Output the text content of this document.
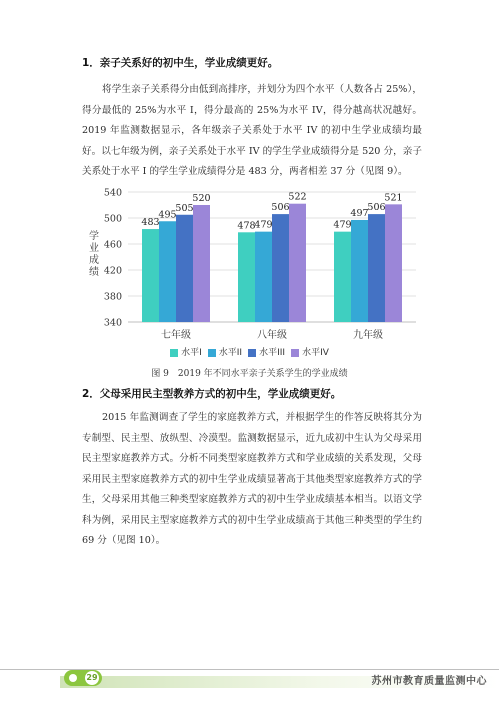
1．亲子关系好的初中生，学业成绩更好。

将学生亲子关系得分由低到高排序，并划分为四个水平（人数各占 25%），得分最低的 25%为水平 I，得分最高的 25%为水平 IV，得分越高状况越好。2019 年监测数据显示，各年级亲子关系处于水平 IV 的初中生学业成绩均最好。以七年级为例，亲子关系处于水平 IV 的学生学业成绩得分是 520 分，亲子关系处于水平 I 的学生学业成绩得分是 483 分，两者相差 37 分（见图 9）。

340
380
420
460
500
540
七年级	八年级	九年级
483
495
505
520
478
479
506
522
479
497
506
521
学业成绩
水平I 水平II 水平III 水平IV
图 9　2019 年不同水平亲子关系学生的学业成绩
2．父母采用民主型教养方式的初中生，学业成绩更好。

2015 年监测调查了学生的家庭教养方式，并根据学生的作答反映将其分为专制型、民主型、放纵型、冷漠型。监测数据显示，近九成初中生认为父母采用民主型家庭教养方式。分析不同类型家庭教养方式和学业成绩的关系发现，父母采用民主型家庭教养方式的初中生学业成绩显著高于其他类型家庭教养方式的学生，父母采用其他三种类型家庭教养方式的初中生学业成绩基本相当。以语文学科为例，采用民主型家庭教养方式的初中生学业成绩高于其他三种类型的学生约 69 分（见图 10）。

29	苏州市教育质量监测中心
